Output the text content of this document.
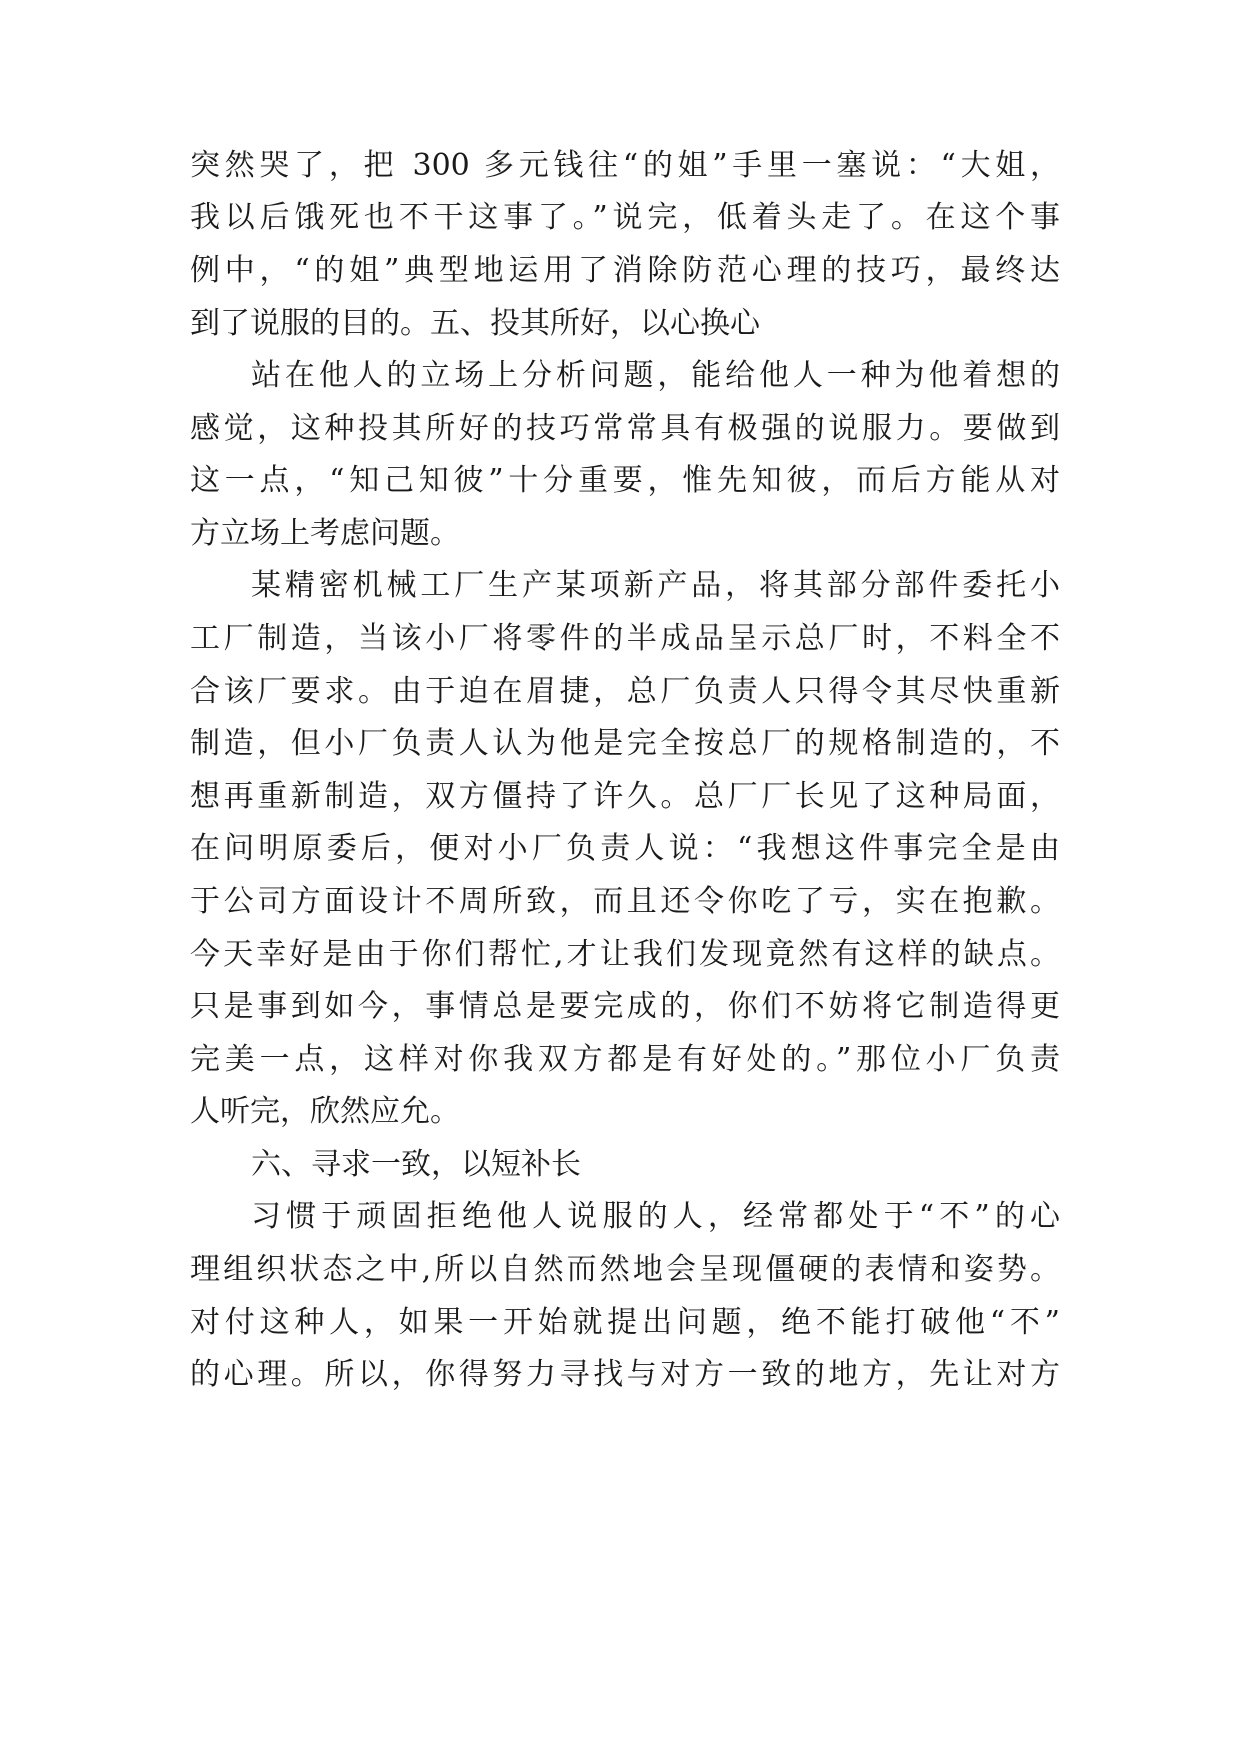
突然哭了，把 300 多元钱往“的姐”手里一塞说：“大姐，
我以后饿死也不干这事了。”说完，低着头走了。在这个事
例中，“的姐”典型地运用了消除防范心理的技巧，最终达
到了说服的目的。五、投其所好，以心换心
站在他人的立场上分析问题，能给他人一种为他着想的
感觉，这种投其所好的技巧常常具有极强的说服力。要做到
这一点，“知己知彼”十分重要，惟先知彼，而后方能从对
方立场上考虑问题。
某精密机械工厂生产某项新产品，将其部分部件委托小
工厂制造，当该小厂将零件的半成品呈示总厂时，不料全不
合该厂要求。由于迫在眉捷，总厂负责人只得令其尽快重新
制造，但小厂负责人认为他是完全按总厂的规格制造的，不
想再重新制造，双方僵持了许久。总厂厂长见了这种局面，
在问明原委后，便对小厂负责人说：“我想这件事完全是由
于公司方面设计不周所致，而且还令你吃了亏，实在抱歉。
今天幸好是由于你们帮忙,才让我们发现竟然有这样的缺点。
只是事到如今，事情总是要完成的，你们不妨将它制造得更
完美一点，这样对你我双方都是有好处的。”那位小厂负责
人听完，欣然应允。
六、寻求一致，以短补长
习惯于顽固拒绝他人说服的人，经常都处于“不”的心
理组织状态之中,所以自然而然地会呈现僵硬的表情和姿势。
对付这种人，如果一开始就提出问题，绝不能打破他“不”
的心理。所以，你得努力寻找与对方一致的地方，先让对方
